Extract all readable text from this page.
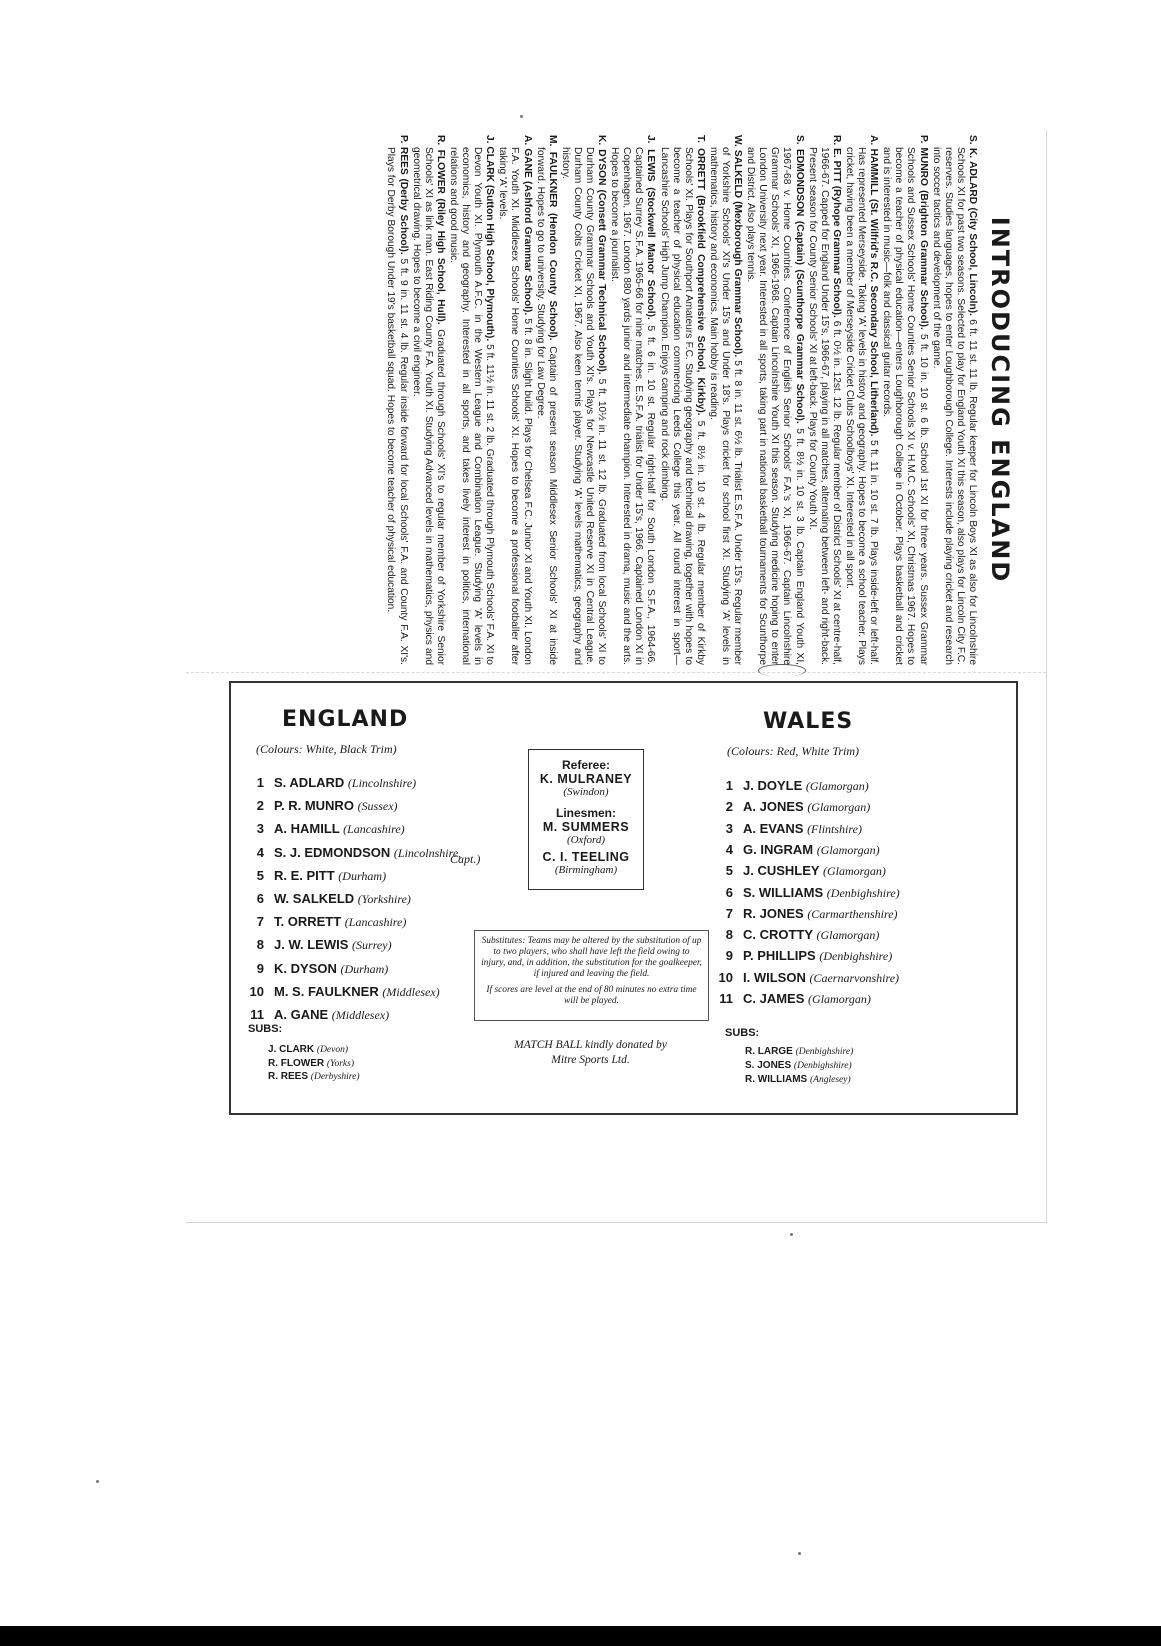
INTRODUCING ENGLAND

S. K. ADLARD (City School, Lincoln). 6 ft. 11 st. 11 lb. Regular keeper for Lincoln Boys XI as also for Lincolnshire Schools XI for past two seasons. Selected to play for England Youth XI this season, also plays for Lincoln City F.C. reserves. Studies languages, hopes to enter Loughborough College. Interests include playing cricket and research into soccer tactics and development of the game.

P. MUNRO (Brighton Grammar School). 5 ft. 10 in. 10 st. 6 lb. School 1st XI for three years. Sussex Grammar Schools and Sussex Schools' Home Counties Senior Schools XI v. H.M.C. Schools' XI, Christmas 1967. Hopes to become a teacher of physical education—enters Loughborough College in October. Plays basketball and cricket and is interested in music—folk and classical guitar records.

A. HAMMILL (St. Wilfrid's R.C. Secondary School, Litherland). 5 ft. 11 in. 10 st. 7 lb. Plays inside-left or left-half. Has represented Merseyside. Taking 'A' levels in history and geography. Hopes to become a school teacher. Plays cricket, having been a member of Merseyside Cricket Clubs Schoolboys' XI. Interested in all sport.

R. E. PITT (Ryhope Grammar School). 6 ft. 0½ in. 12st. 12 lb. Regular member of District Schools' XI at centre-half, 1966-67. Capped for England Under 15's, 1966-67, playing in all matches, alternating between left- and right-back. Present season for County Senior Schools' XI at left-back. Plays for County Youth XI.

S. EDMONDSON (Captain) (Scunthorpe Grammar School). 5 ft. 8½ in. 10 st. 3 lb. Captain England Youth XI, 1967-68 v. Home Countries. Conference of English Senior Schools' F.A.'s XI, 1966-67. Captain Lincolnshire Grammar Schools' XI, 1966-1968. Captain Lincolnshire Youth XI this season. Studying medicine hoping to enter London University next year. Interested in all sports, taking part in national basketball tournaments for Scunthorpe and District. Also plays tennis.

W. SALKELD (Mexborough Grammar School). 5 ft. 8 in. 11 st. 6½ lb. Trialist E.S.F.A. Under 15's. Regular member of Yorkshire Schools' XI's Under 15's and Under 18's. Plays cricket for school first XI. Studying 'A' levels in mathematics, history and economics. Main hobby is reading.

T. ORRETT (Brookfield Comprehensive School, Kirkby). 5 ft. 8½ in. 10 st. 4 lb. Regular member of Kirkby Schools' XI. Plays for Southport Amateurs F.C. Studying geography and technical drawing, together with hopes to become a teacher of physical education commencing Leeds College this year. All round interest in sport—Lancashire Schools' High Jump Champion. Enjoys camping and rock climbing.

J. LEWIS (Stockwell Manor School). 5 ft. 6 in. 10 st. Regular right-half for South London S.F.A., 1964-66. Captained Surrey S.F.A. 1965-66 for nine matches. E.S.F.A. trialist for Under 15's, 1966. Captained London XI in Copenhagen, 1967. London 880 yards junior and intermediate champion. Interested in drama, music and the arts. Hopes to become a journalist.

K. DYSON (Consett Grammar Technical School). 5 ft. 10½ in. 11 st. 12 lb. Graduated from local Schools' XI to Durham County Grammar Schools and Youth XI's. Plays for Newcastle United Reserve XI in Central League. Durham County Colts Cricket XI, 1967. Also keen tennis player. Studying 'A' levels mathematics, geography and history.

M. FAULKNER (Hendon County School). Captain of present season Middlesex Senior Schools' XI at inside forward. Hopes to go to university. Studying for Law Degree.

A. GANE (Ashford Grammar School). 5 ft. 8 in. Slight build. Plays for Chelsea F.C. Junior XI and Youth XI. London F.A. Youth XI. Middlesex Schools' Home Counties Schools' XI. Hopes to become a professional footballer after taking 'A' levels.

J. CLARK (Sutton High School, Plymouth). 5 ft. 11½ in. 11 st. 2 lb. Graduated through Plymouth Schools' F.A. XI to Devon Youth XI. Plymouth A.F.C. in the Western League and Combination League. Studying 'A' levels in economics, history and geography. Interested in all sports, and takes lively interest in politics, international relations and good music.

R. FLOWER (Riley High School, Hull). Graduated through Schools' XI's to regular member of Yorkshire Senior Schools' XI as link man. East Riding County F.A. Youth XI. Studying Advanced levels in mathematics, physics and geometrical drawing. Hopes to become a civil engineer.

P. REES (Derby School). 5 ft. 9 in. 11 st. 4 lb. Regular inside forward for local Schools' F.A. and County F.A. XI's. Plays for Derby Borough Under 19's basketball squad. Hopes to become teacher of physical education.

ENGLAND
(Colours: White, Black Trim)
1 S. ADLARD (Lincolnshire)
2 P. R. MUNRO (Sussex)
3 A. HAMILL (Lancashire)
4 S. J. EDMONDSON (Lincolnshire,
5 R. E. PITT (Durham)
6 W. SALKELD (Yorkshire)
7 T. ORRETT (Lancashire)
8 J. W. LEWIS (Surrey)
9 K. DYSON (Durham)
10 M. S. FAULKNER (Middlesex)
11 A. GANE (Middlesex)
Capt.)
SUBS:
J. CLARK (Devon)
R. FLOWER (Yorks)
R. REES (Derbyshire)
WALES
(Colours: Red, White Trim)
1 J. DOYLE (Glamorgan)
2 A. JONES (Glamorgan)
3 A. EVANS (Flintshire)
4 G. INGRAM (Glamorgan)
5 J. CUSHLEY (Glamorgan)
6 S. WILLIAMS (Denbighshire)
7 R. JONES (Carmarthenshire)
8 C. CROTTY (Glamorgan)
9 P. PHILLIPS (Denbighshire)
10 I. WILSON (Caernarvonshire)
11 C. JAMES (Glamorgan)
SUBS:
R. LARGE (Denbighshire)
S. JONES (Denbighshire)
R. WILLIAMS (Anglesey)
Referee:
K. MULRANEY
(Swindon)
Linesmen:
M. SUMMERS
(Oxford)
C. I. TEELING
(Birmingham)

Substitutes: Teams may be altered by the substitution of up to two players, who shall have left the field owing to injury, and, in addition, the substitution for the goalkeeper, if injured and leaving the field.

If scores are level at the end of 80 minutes no extra time will be played.

MATCH BALL kindly donated by
Mitre Sports Ltd.
